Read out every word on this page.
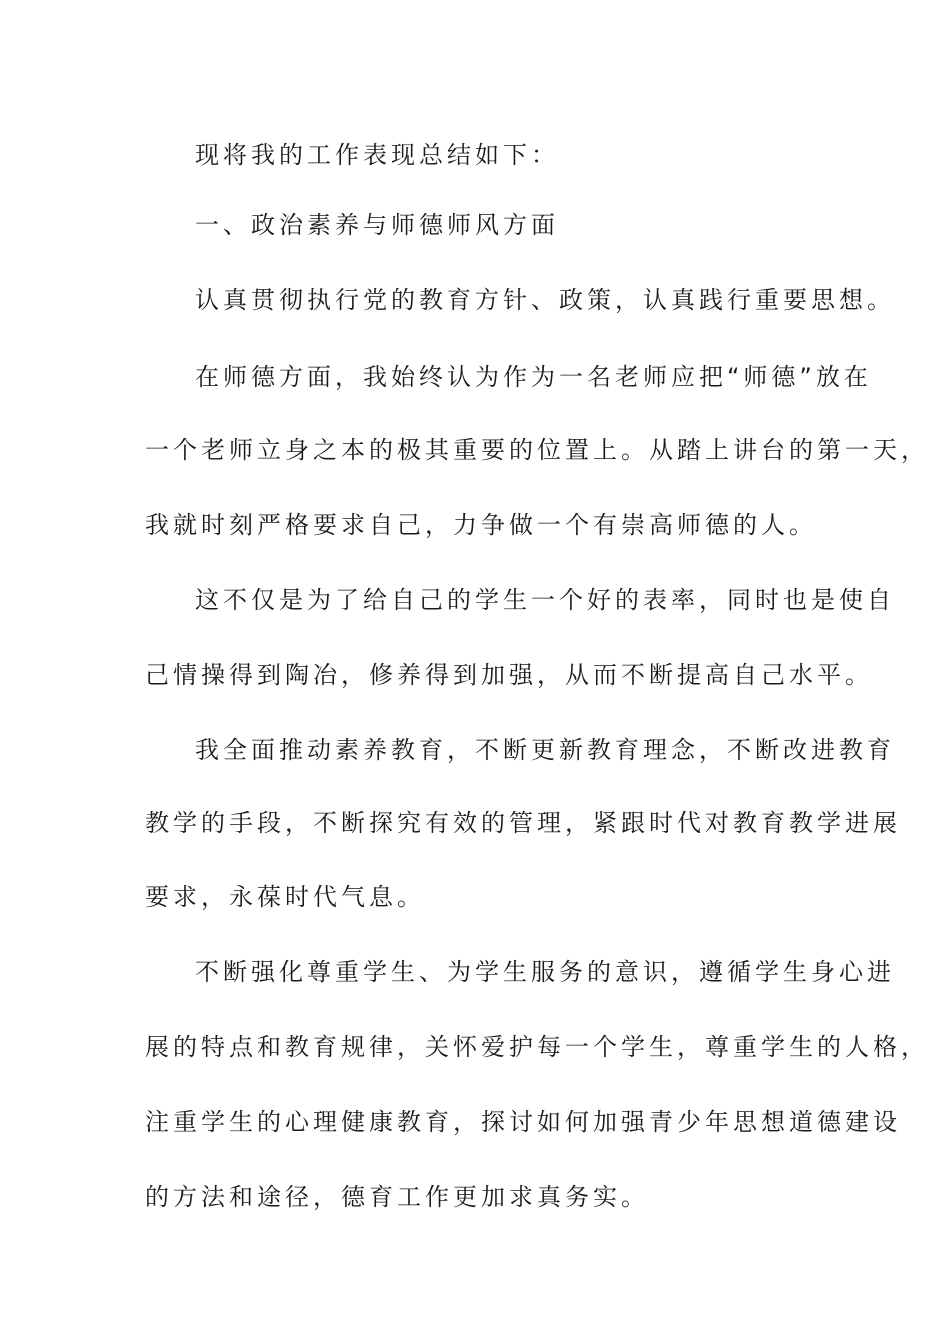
现将我的工作表现总结如下：
一、政治素养与师德师风方面
认真贯彻执行党的教育方针、政策，认真践行重要思想。
在师德方面，我始终认为作为一名老师应把“师德”放在
一个老师立身之本的极其重要的位置上。从踏上讲台的第一天，
我就时刻严格要求自己，力争做一个有崇高师德的人。
这不仅是为了给自己的学生一个好的表率，同时也是使自
己情操得到陶冶，修养得到加强，从而不断提高自己水平。
我全面推动素养教育，不断更新教育理念，不断改进教育
教学的手段，不断探究有效的管理，紧跟时代对教育教学进展
要求，永葆时代气息。
不断强化尊重学生、为学生服务的意识，遵循学生身心进
展的特点和教育规律，关怀爱护每一个学生，尊重学生的人格，
注重学生的心理健康教育，探讨如何加强青少年思想道德建设
的方法和途径，德育工作更加求真务实。
